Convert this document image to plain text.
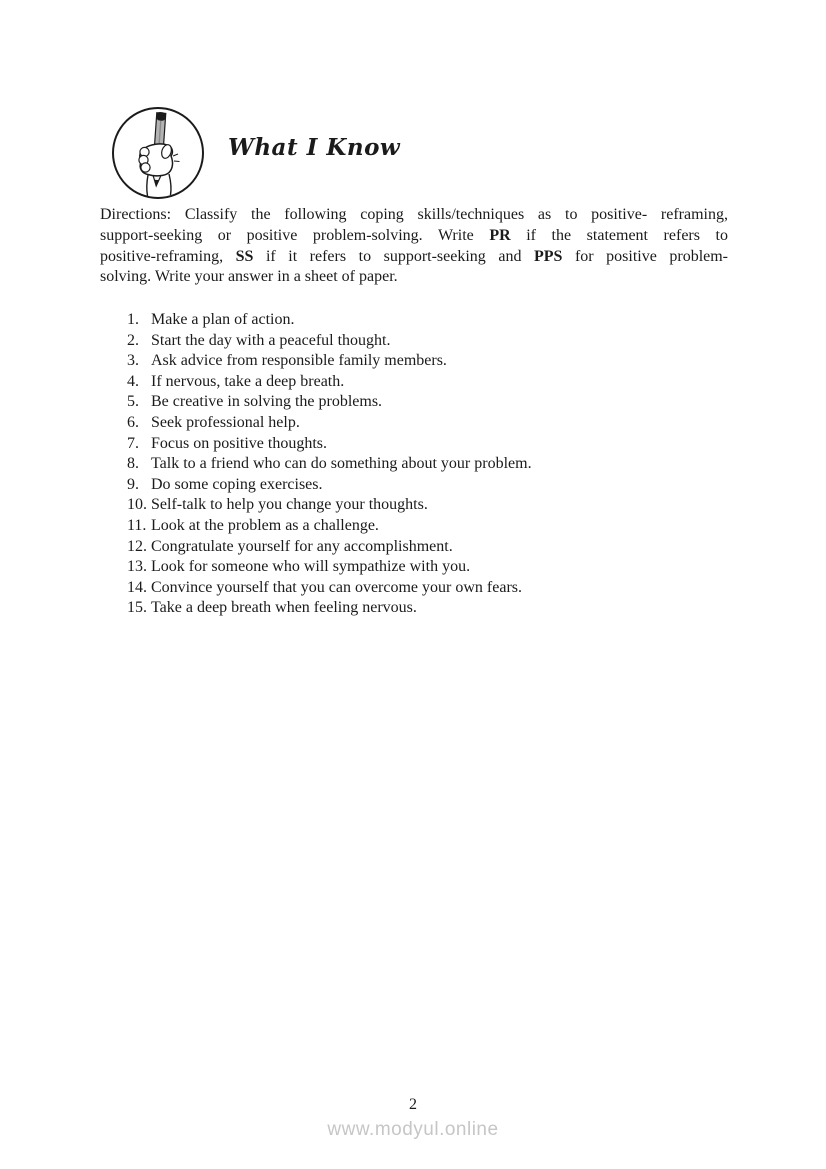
What I Know
Directions: Classify the following coping skills/techniques as to positive- reframing,
support-seeking or positive problem-solving. Write PR if the statement refers to
positive-reframing, SS if it refers to support-seeking and PPS for positive problem-
solving. Write your answer in a sheet of paper.
1. Make a plan of action.
2. Start the day with a peaceful thought.
3. Ask advice from responsible family members.
4. If nervous, take a deep breath.
5. Be creative in solving the problems.
6. Seek professional help.
7. Focus on positive thoughts.
8. Talk to a friend who can do something about your problem.
9. Do some coping exercises.
10. Self-talk to help you change your thoughts.
11. Look at the problem as a challenge.
12. Congratulate yourself for any accomplishment.
13. Look for someone who will sympathize with you.
14. Convince yourself that you can overcome your own fears.
15. Take a deep breath when feeling nervous.
2
www.modyul.online
